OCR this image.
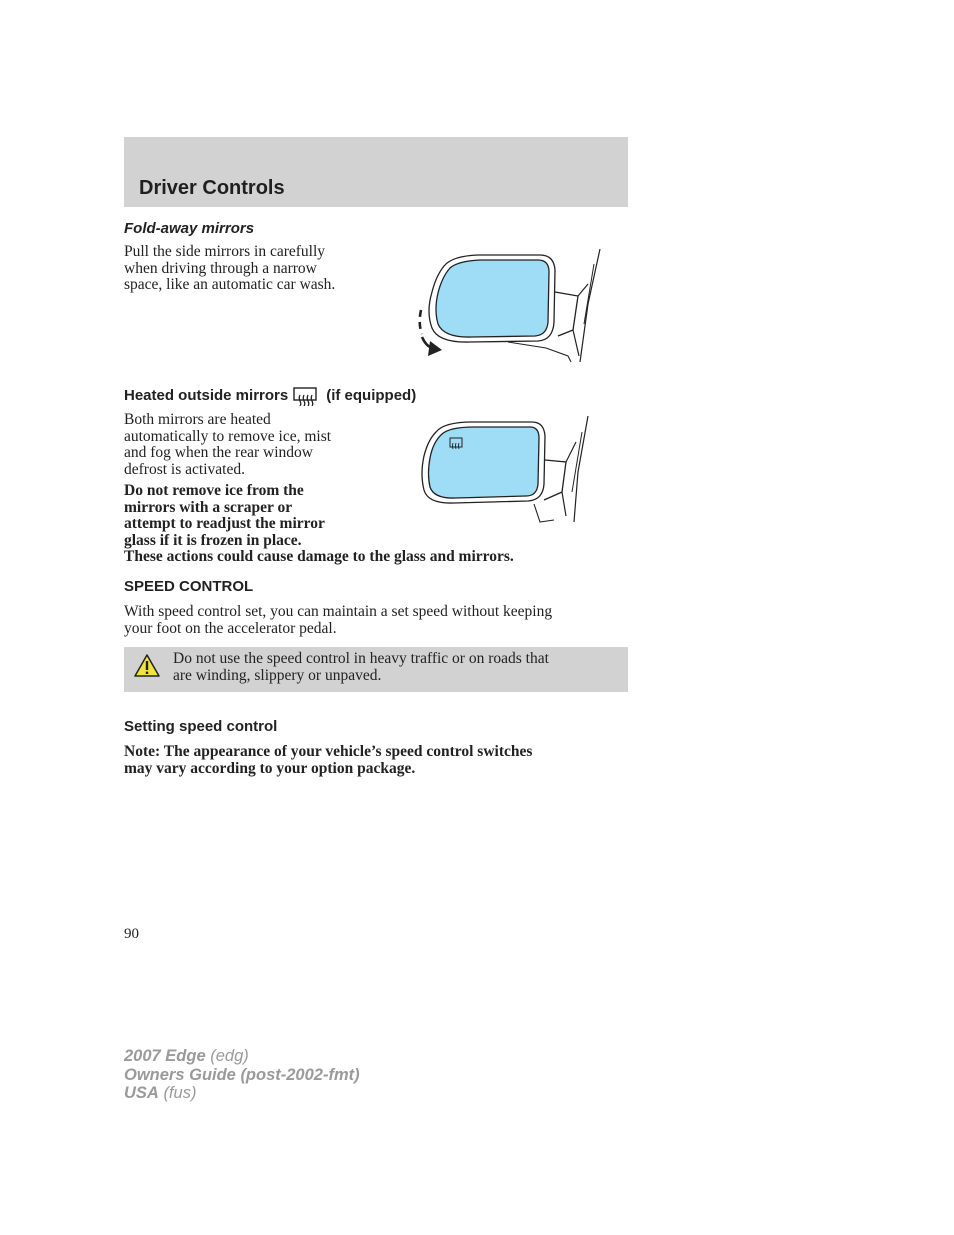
Driver Controls
Fold-away mirrors

Pull the side mirrors in carefully
when driving through a narrow
space, like an automatic car wash.

Heated outside mirrors	(if equipped)

Both mirrors are heated
automatically to remove ice, mist
and fog when the rear window
defrost is activated.

Do not remove ice from the
mirrors with a scraper or
attempt to readjust the mirror
glass if it is frozen in place.
These actions could cause damage to the glass and mirrors.

SPEED CONTROL

With speed control set, you can maintain a set speed without keeping
your foot on the accelerator pedal.

Do not use the speed control in heavy traffic or on roads that
are winding, slippery or unpaved.

Setting speed control

Note: The appearance of your vehicle’s speed control switches
may vary according to your option package.

90

2007 Edge (edg)
Owners Guide (post-2002-fmt)
USA (fus)
